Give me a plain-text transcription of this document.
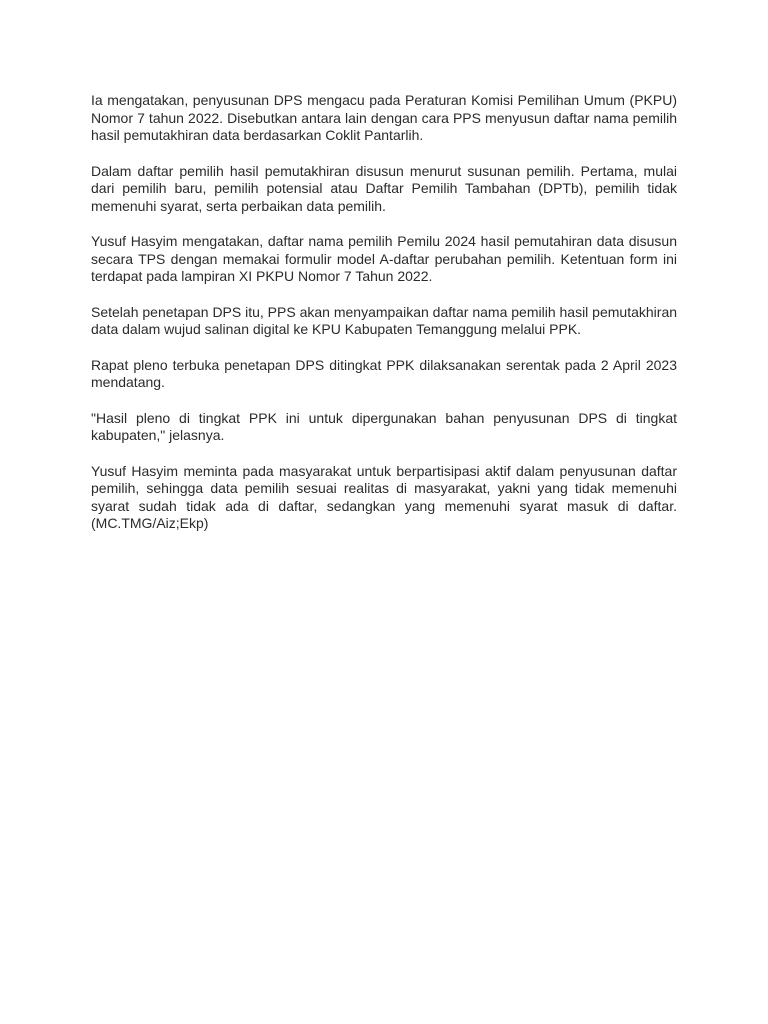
Ia mengatakan, penyusunan DPS mengacu pada Peraturan Komisi Pemilihan Umum (PKPU) Nomor 7 tahun 2022. Disebutkan antara lain dengan cara PPS menyusun daftar nama pemilih hasil pemutakhiran data berdasarkan Coklit Pantarlih.

Dalam daftar pemilih hasil pemutakhiran disusun menurut susunan pemilih. Pertama, mulai dari pemilih baru, pemilih potensial atau Daftar Pemilih Tambahan (DPTb), pemilih tidak memenuhi syarat, serta perbaikan data pemilih.

Yusuf Hasyim mengatakan, daftar nama pemilih Pemilu 2024 hasil pemutahiran data disusun secara TPS dengan memakai formulir model A-daftar perubahan pemilih. Ketentuan form ini terdapat pada lampiran XI PKPU Nomor 7 Tahun 2022.

Setelah penetapan DPS itu, PPS akan menyampaikan daftar nama pemilih hasil pemutakhiran data dalam wujud salinan digital ke KPU Kabupaten Temanggung melalui PPK.

Rapat pleno terbuka penetapan DPS ditingkat PPK dilaksanakan serentak pada 2 April 2023 mendatang.

"Hasil pleno di tingkat PPK ini untuk dipergunakan bahan penyusunan DPS di tingkat kabupaten," jelasnya.

Yusuf Hasyim meminta pada masyarakat untuk berpartisipasi aktif dalam penyusunan daftar pemilih, sehingga data pemilih sesuai realitas di masyarakat, yakni yang tidak memenuhi syarat sudah tidak ada di daftar, sedangkan yang memenuhi syarat masuk di daftar. (MC.TMG/Aiz;Ekp)
